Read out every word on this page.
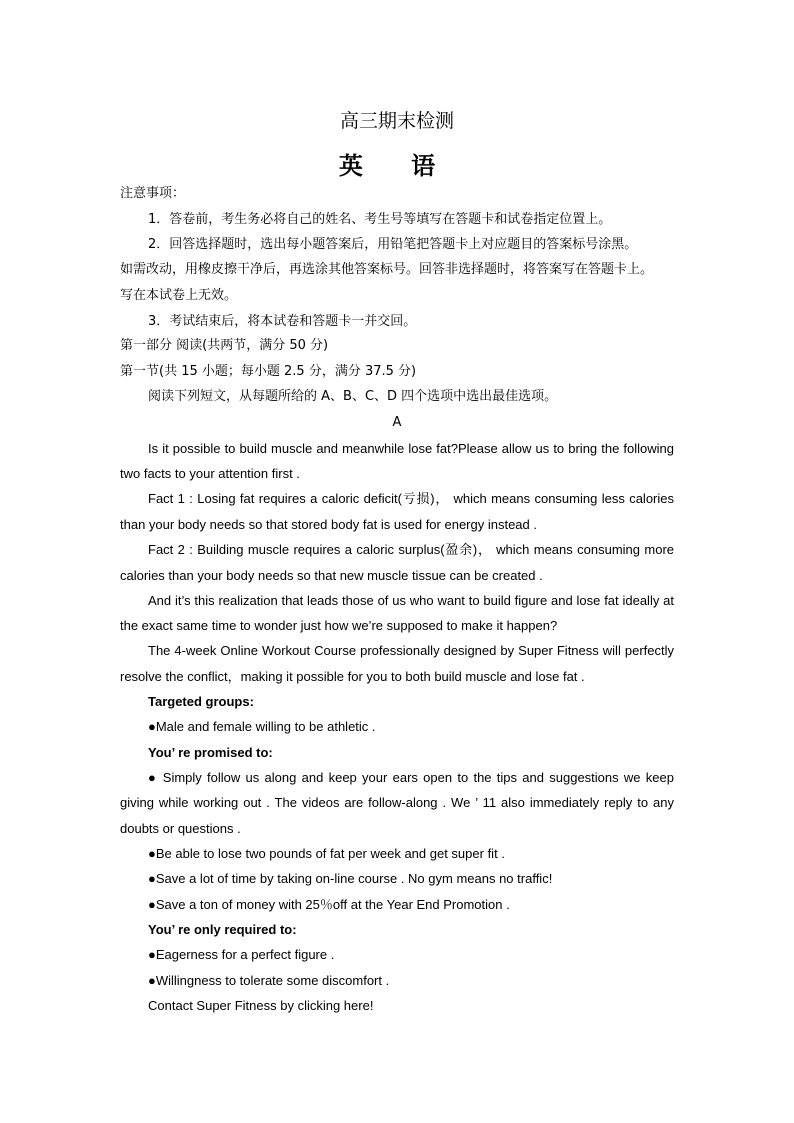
高三期末检测
英 语
注意事项：
1．答卷前，考生务必将自己的姓名、考生号等填写在答题卡和试卷指定位置上。
2．回答选择题时，选出每小题答案后，用铅笔把答题卡上对应题目的答案标号涂黑。
如需改动，用橡皮擦干净后，再选涂其他答案标号。回答非选择题时，将答案写在答题卡上。
写在本试卷上无效。
3．考试结束后，将本试卷和答题卡一并交回。
第一部分 阅读(共两节，满分 50 分)
第一节(共 15 小题；每小题 2.5 分，满分 37.5 分)
阅读下列短文，从每题所给的 A、B、C、D 四个选项中选出最佳选项。
A
Is it possible to build muscle and meanwhile lose fat?Please allow us to bring the following
two facts to your attention first .
Fact 1 : Losing fat requires a caloric deficit(亏损)， which means consuming less calories
than your body needs so that stored body fat is used for energy instead .
Fact 2 : Building muscle requires a caloric surplus(盈余)， which means consuming more
calories than your body needs so that new muscle tissue can be created .
And it’s this realization that leads those of us who want to build figure and lose fat ideally at
the exact same time to wonder just how we’re supposed to make it happen?
The 4-week Online Workout Course professionally designed by Super Fitness will perfectly
resolve the conflict，making it possible for you to both build muscle and lose fat .
Targeted groups:
●Male and female willing to be athletic .
You’ re promised to:
● Simply follow us along and keep your ears open to the tips and suggestions we keep
giving while working out . The videos are follow-along . We ’ 11 also immediately reply to any
doubts or questions .
●Be able to lose two pounds of fat per week and get super fit .
●Save a lot of time by taking on-line course . No gym means no traffic!
●Save a ton of money with 25％off at the Year End Promotion .
You’ re only required to:
●Eagerness for a perfect figure .
●Willingness to tolerate some discomfort .
Contact Super Fitness by clicking here!
